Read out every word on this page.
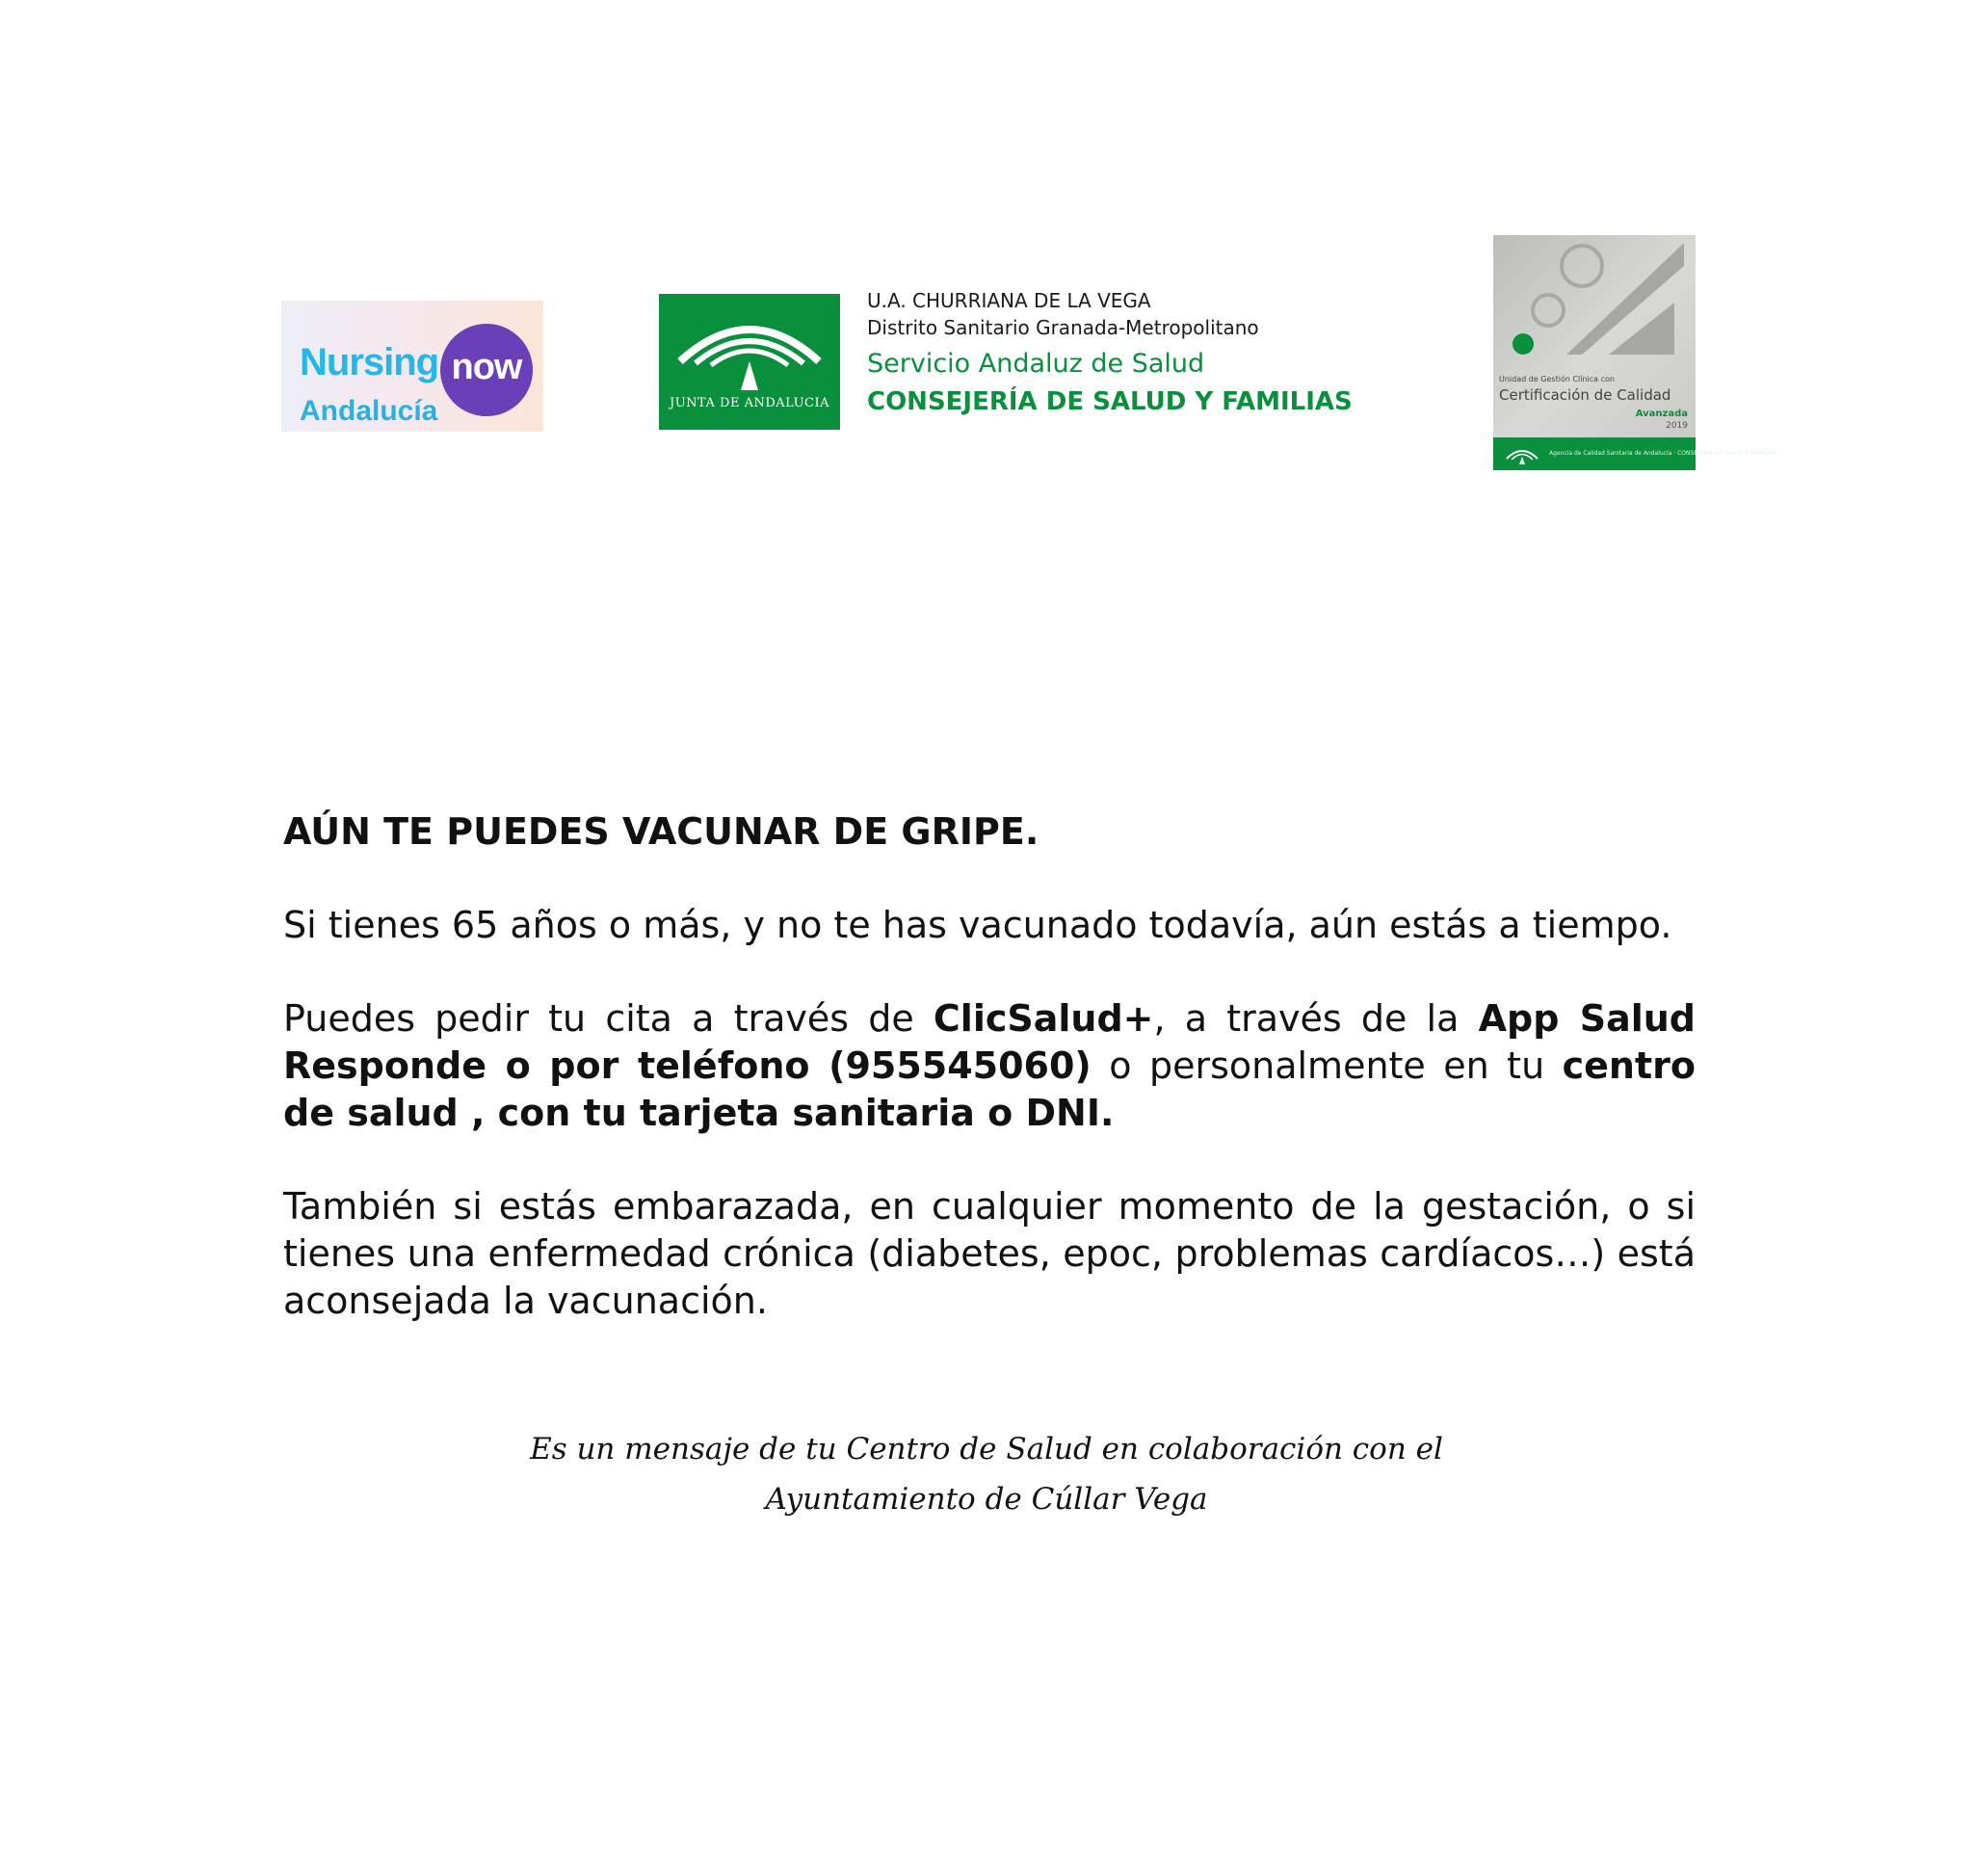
Nursing now
Andalucía	JUNTA DE ANDALUCIA
U.A. CHURRIANA DE LA VEGA
Distrito Sanitario Granada-Metropolitano
Servicio Andaluz de Salud
CONSEJERÍA DE SALUD Y FAMILIAS
Unidad de Gestión Clínica con
Certificación de Calidad
Avanzada
2019
Agencia de Calidad Sanitaria de Andalucía · CONSEJERÍA DE SALUD Y FAMILIAS
AÚN TE PUEDES VACUNAR DE GRIPE.

Si tienes 65 años o más, y no te has vacunado todavía, aún estás a tiempo.

Puedes pedir tu cita a través de ClicSalud+, a través de la App Salud Responde o por teléfono (955545060) o personalmente en tu centro de salud , con tu tarjeta sanitaria o DNI.

También si estás embarazada, en cualquier momento de la gestación, o si tienes una enfermedad crónica (diabetes, epoc, problemas cardíacos…) está aconsejada la vacunación.

Es un mensaje de tu Centro de Salud en colaboración con el
Ayuntamiento de Cúllar Vega
